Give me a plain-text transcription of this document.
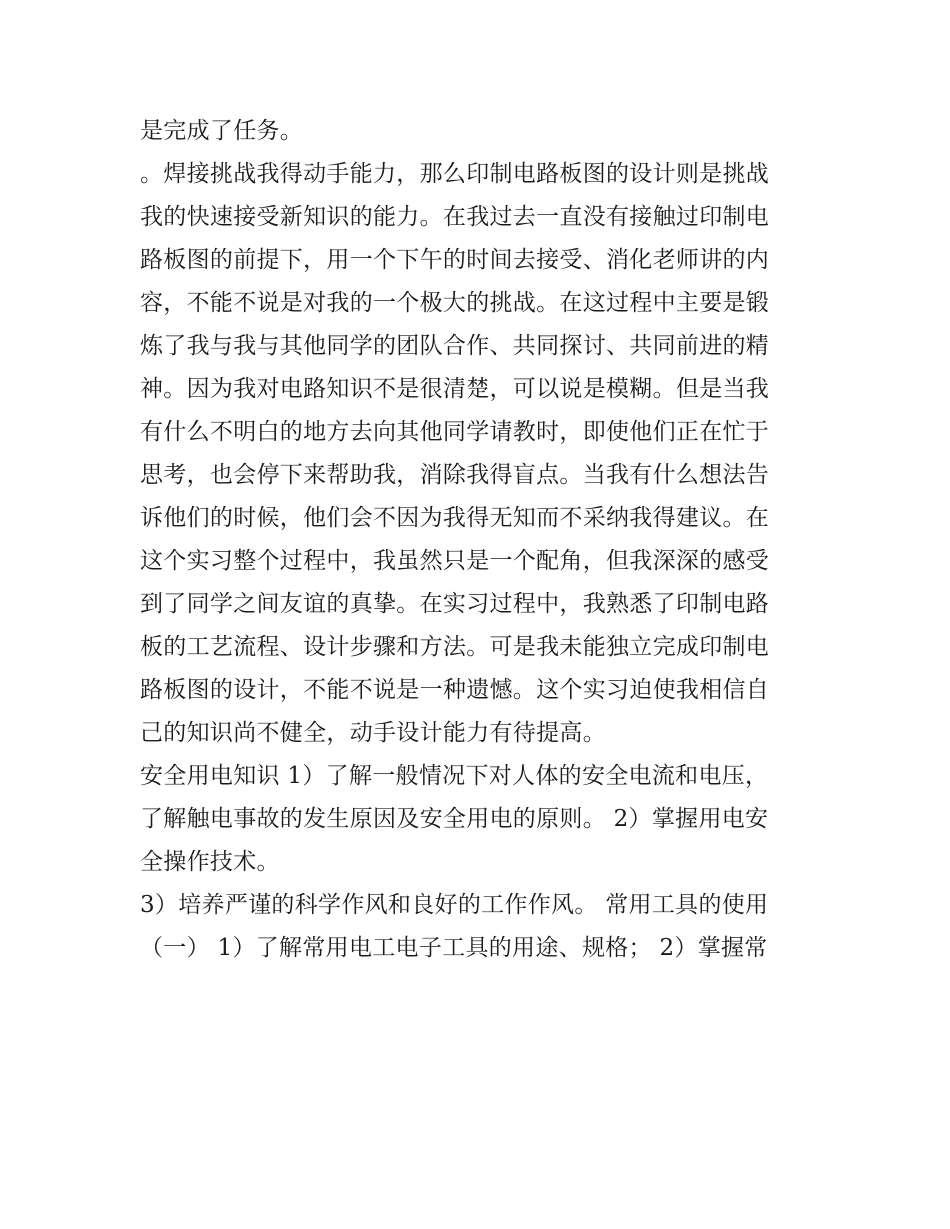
是完成了任务。
。焊接挑战我得动手能力，那么印制电路板图的设计则是挑战
我的快速接受新知识的能力。在我过去一直没有接触过印制电
路板图的前提下，用一个下午的时间去接受、消化老师讲的内
容，不能不说是对我的一个极大的挑战。在这过程中主要是锻
炼了我与我与其他同学的团队合作、共同探讨、共同前进的精
神。因为我对电路知识不是很清楚，可以说是模糊。但是当我
有什么不明白的地方去向其他同学请教时，即使他们正在忙于
思考，也会停下来帮助我，消除我得盲点。当我有什么想法告
诉他们的时候，他们会不因为我得无知而不采纳我得建议。在
这个实习整个过程中，我虽然只是一个配角，但我深深的感受
到了同学之间友谊的真挚。在实习过程中，我熟悉了印制电路
板的工艺流程、设计步骤和方法。可是我未能独立完成印制电
路板图的设计，不能不说是一种遗憾。这个实习迫使我相信自
己的知识尚不健全，动手设计能力有待提高。
安全用电知识 1）了解一般情况下对人体的安全电流和电压，
了解触电事故的发生原因及安全用电的原则。 2）掌握用电安
全操作技术。
3）培养严谨的科学作风和良好的工作作风。 常用工具的使用
（一） 1）了解常用电工电子工具的用途、规格； 2）掌握常
